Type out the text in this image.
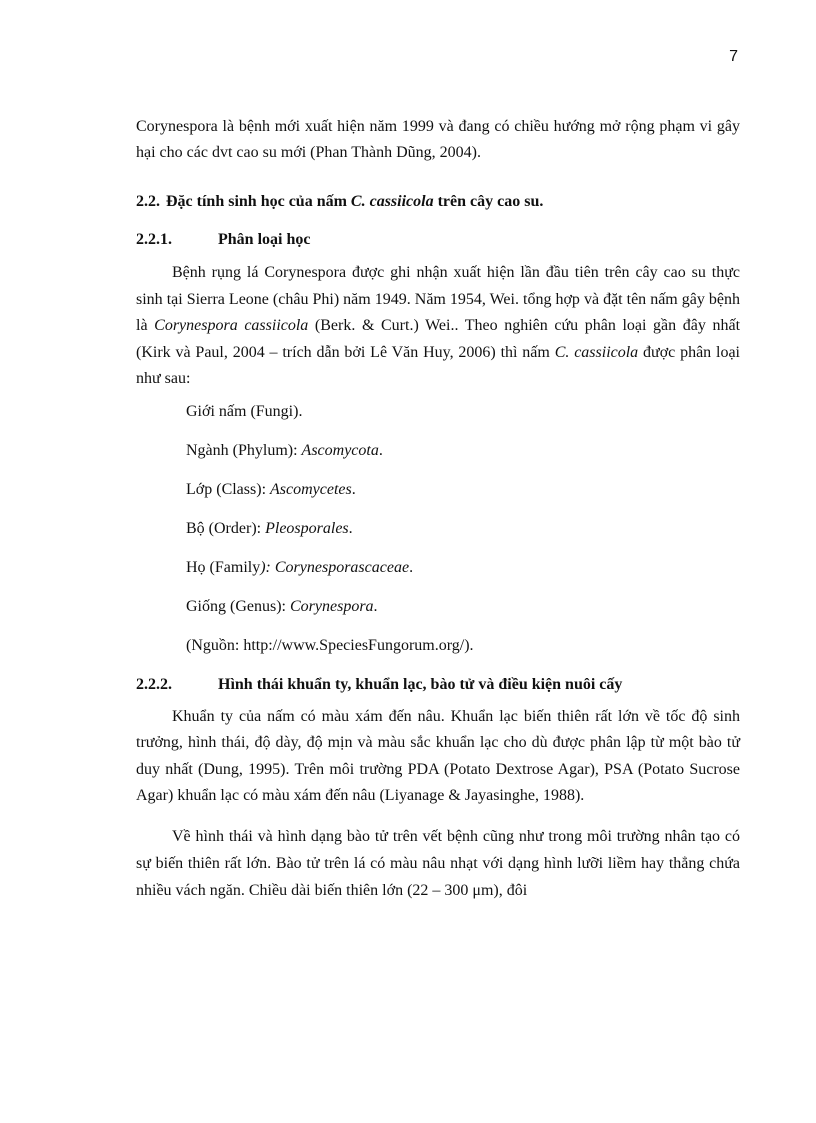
7

Corynespora là bệnh mới xuất hiện năm 1999 và đang có chiều hướng mở rộng phạm vi gây hại cho các dvt cao su mới (Phan Thành Dũng, 2004).

2.2. Đặc tính sinh học của nấm C. cassiicola trên cây cao su.
2.2.1.	Phân loại học

Bệnh rụng lá Corynespora được ghi nhận xuất hiện lần đầu tiên trên cây cao su thực sinh tại Sierra Leone (châu Phi) năm 1949. Năm 1954, Wei. tổng hợp và đặt tên nấm gây bệnh là Corynespora cassiicola (Berk. & Curt.) Wei.. Theo nghiên cứu phân loại gần đây nhất (Kirk và Paul, 2004 – trích dẫn bởi Lê Văn Huy, 2006) thì nấm C. cassiicola được phân loại như sau:

Giới nấm (Fungi).
Ngành (Phylum): Ascomycota.
Lớp (Class): Ascomycetes.
Bộ (Order): Pleosporales.
Họ (Family): Corynesporascaceae.
Giống (Genus): Corynespora.
(Nguồn: http://www.SpeciesFungorum.org/).
2.2.2.	Hình thái khuẩn ty, khuẩn lạc, bào tử và điều kiện nuôi cấy

Khuẩn ty của nấm có màu xám đến nâu. Khuẩn lạc biến thiên rất lớn về tốc độ sinh trưởng, hình thái, độ dày, độ mịn và màu sắc khuẩn lạc cho dù được phân lập từ một bào tử duy nhất (Dung, 1995). Trên môi trường PDA (Potato Dextrose Agar), PSA (Potato Sucrose Agar) khuẩn lạc có màu xám đến nâu (Liyanage & Jayasinghe, 1988).

Về hình thái và hình dạng bào tử trên vết bệnh cũng như trong môi trường nhân tạo có sự biến thiên rất lớn. Bào tử trên lá có màu nâu nhạt với dạng hình lưỡi liềm hay thẳng chứa nhiều vách ngăn. Chiều dài biến thiên lớn (22 – 300 μm), đôi
